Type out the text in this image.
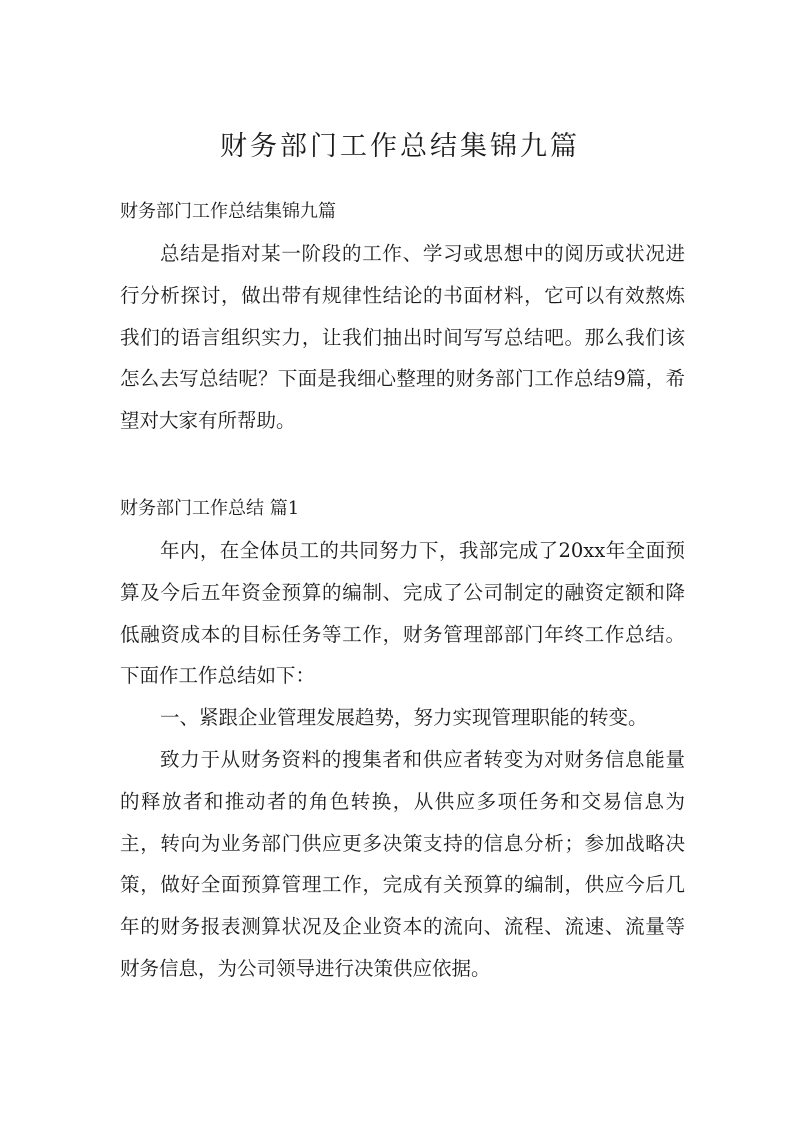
财务部门工作总结集锦九篇

财务部门工作总结集锦九篇

总结是指对某一阶段的工作、学习或思想中的阅历或状况进行分析探讨，做出带有规律性结论的书面材料，它可以有效熬炼我们的语言组织实力，让我们抽出时间写写总结吧。那么我们该怎么去写总结呢？下面是我细心整理的财务部门工作总结9篇，希望对大家有所帮助。

财务部门工作总结 篇1

年内，在全体员工的共同努力下，我部完成了20xx年全面预算及今后五年资金预算的编制、完成了公司制定的融资定额和降低融资成本的目标任务等工作，财务管理部部门年终工作总结。下面作工作总结如下：

一、紧跟企业管理发展趋势，努力实现管理职能的转变。

致力于从财务资料的搜集者和供应者转变为对财务信息能量的释放者和推动者的角色转换，从供应多项任务和交易信息为主，转向为业务部门供应更多决策支持的信息分析；参加战略决策，做好全面预算管理工作，完成有关预算的编制，供应今后几年的财务报表测算状况及企业资本的流向、流程、流速、流量等财务信息，为公司领导进行决策供应依据。
